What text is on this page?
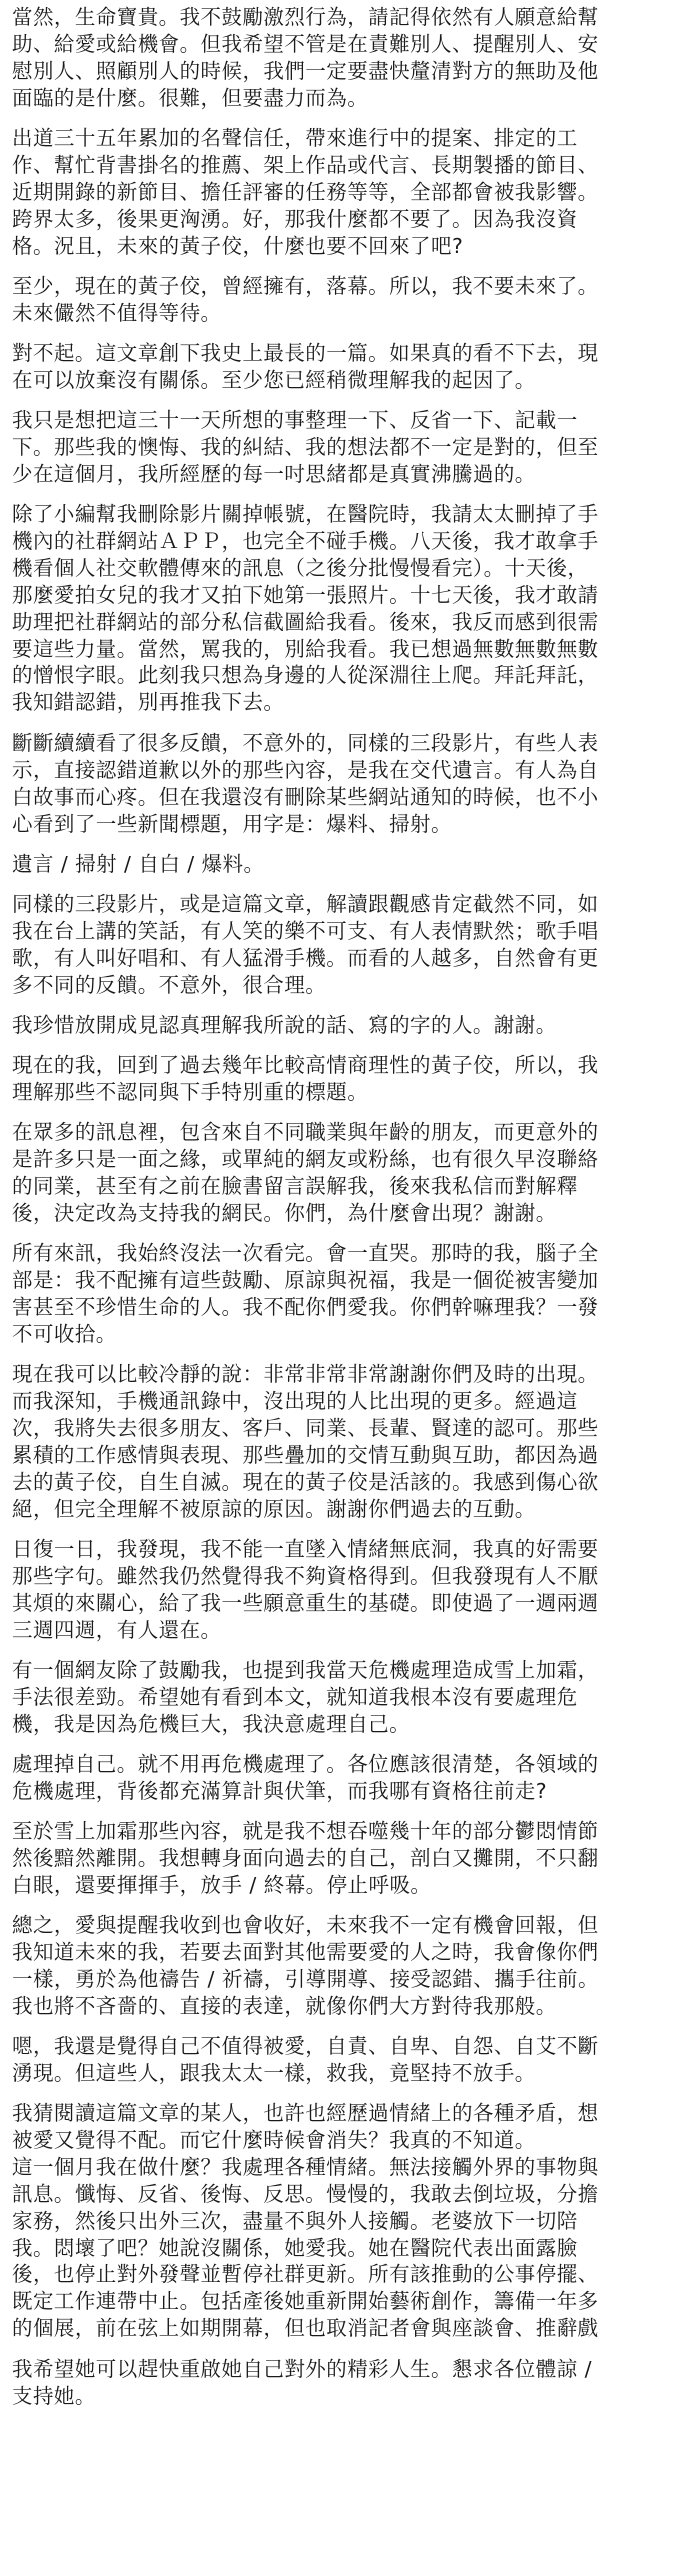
當然，生命寶貴。我不鼓勵激烈行為，請記得依然有人願意給幫
助、給愛或給機會。但我希望不管是在責難別人、提醒別人、安
慰別人、照顧別人的時候，我們一定要盡快釐清對方的無助及他
面臨的是什麼。很難，但要盡力而為。

出道三十五年累加的名聲信任，帶來進行中的提案、排定的工
作、幫忙背書掛名的推薦、架上作品或代言、長期製播的節目、
近期開錄的新節目、擔任評審的任務等等，全部都會被我影響。
跨界太多，後果更洶湧。好，那我什麼都不要了。因為我沒資
格。況且，未來的黃子佼，什麼也要不回來了吧?

至少，現在的黃子佼，曾經擁有，落幕。所以，我不要未來了。
未來儼然不值得等待。

對不起。這文章創下我史上最長的一篇。如果真的看不下去，現
在可以放棄沒有關係。至少您已經稍微理解我的起因了。

我只是想把這三十一天所想的事整理一下、反省一下、記載一
下。那些我的懊悔、我的糾結、我的想法都不一定是對的，但至
少在這個月，我所經歷的每一吋思緒都是真實沸騰過的。

除了小編幫我刪除影片關掉帳號，在醫院時，我請太太刪掉了手
機內的社群網站ＡＰＰ，也完全不碰手機。八天後，我才敢拿手
機看個人社交軟體傳來的訊息（之後分批慢慢看完）。十天後，
那麼愛拍女兒的我才又拍下她第一張照片。十七天後，我才敢請
助理把社群網站的部分私信截圖給我看。後來，我反而感到很需
要這些力量。當然，罵我的，別給我看。我已想過無數無數無數
的憎恨字眼。此刻我只想為身邊的人從深淵往上爬。拜託拜託，
我知錯認錯，別再推我下去。

斷斷續續看了很多反饋，不意外的，同樣的三段影片，有些人表
示，直接認錯道歉以外的那些內容，是我在交代遺言。有人為自
白故事而心疼。但在我還沒有刪除某些網站通知的時候，也不小
心看到了一些新聞標題，用字是：爆料、掃射。

遺言 / 掃射 / 自白 / 爆料。

同樣的三段影片，或是這篇文章，解讀跟觀感肯定截然不同，如
我在台上講的笑話，有人笑的樂不可支、有人表情默然；歌手唱
歌，有人叫好唱和、有人猛滑手機。而看的人越多，自然會有更
多不同的反饋。不意外，很合理。

我珍惜放開成見認真理解我所說的話、寫的字的人。謝謝。

現在的我，回到了過去幾年比較高情商理性的黃子佼，所以，我
理解那些不認同與下手特別重的標題。

在眾多的訊息裡，包含來自不同職業與年齡的朋友，而更意外的
是許多只是一面之緣，或單純的網友或粉絲，也有很久早沒聯絡
的同業，甚至有之前在臉書留言誤解我，後來我私信而對解釋
後，決定改為支持我的網民。你們，為什麼會出現？謝謝。

所有來訊，我始終沒法一次看完。會一直哭。那時的我，腦子全
部是：我不配擁有這些鼓勵、原諒與祝福，我是一個從被害變加
害甚至不珍惜生命的人。我不配你們愛我。你們幹嘛理我？一發
不可收拾。

現在我可以比較冷靜的說：非常非常非常謝謝你們及時的出現。
而我深知，手機通訊錄中，沒出現的人比出現的更多。經過這
次，我將失去很多朋友、客戶、同業、長輩、賢達的認可。那些
累積的工作感情與表現、那些疊加的交情互動與互助，都因為過
去的黃子佼，自生自滅。現在的黃子佼是活該的。我感到傷心欲
絕，但完全理解不被原諒的原因。謝謝你們過去的互動。

日復一日，我發現，我不能一直墜入情緒無底洞，我真的好需要
那些字句。雖然我仍然覺得我不夠資格得到。但我發現有人不厭
其煩的來關心，給了我一些願意重生的基礎。即使過了一週兩週
三週四週，有人還在。

有一個網友除了鼓勵我，也提到我當天危機處理造成雪上加霜，
手法很差勁。希望她有看到本文，就知道我根本沒有要處理危
機，我是因為危機巨大，我決意處理自己。

處理掉自己。就不用再危機處理了。各位應該很清楚，各領域的
危機處理，背後都充滿算計與伏筆，而我哪有資格往前走?

至於雪上加霜那些內容，就是我不想吞噬幾十年的部分鬱悶情節
然後黯然離開。我想轉身面向過去的自己，剖白又攤開，不只翻
白眼，還要揮揮手，放手 / 終幕。停止呼吸。

總之，愛與提醒我收到也會收好，未來我不一定有機會回報，但
我知道未來的我，若要去面對其他需要愛的人之時，我會像你們
一樣，勇於為他禱告 / 祈禱，引導開導、接受認錯、攜手往前。
我也將不吝嗇的、直接的表達，就像你們大方對待我那般。

嗯，我還是覺得自己不值得被愛，自責、自卑、自怨、自艾不斷
湧現。但這些人，跟我太太一樣，救我，竟堅持不放手。

我猜閱讀這篇文章的某人，也許也經歷過情緒上的各種矛盾，想
被愛又覺得不配。而它什麼時候會消失？我真的不知道。
這一個月我在做什麼？我處理各種情緒。無法接觸外界的事物與
訊息。懺悔、反省、後悔、反思。慢慢的，我敢去倒垃圾，分擔
家務，然後只出外三次，盡量不與外人接觸。老婆放下一切陪
我。悶壞了吧？她說沒關係，她愛我。她在醫院代表出面露臉
後，也停止對外發聲並暫停社群更新。所有該推動的公事停擺、
既定工作連帶中止。包括產後她重新開始藝術創作，籌備一年多
的個展，前在弦上如期開幕，但也取消記者會與座談會、推辭戲

我希望她可以趕快重啟她自己對外的精彩人生。懇求各位體諒 /
支持她。
